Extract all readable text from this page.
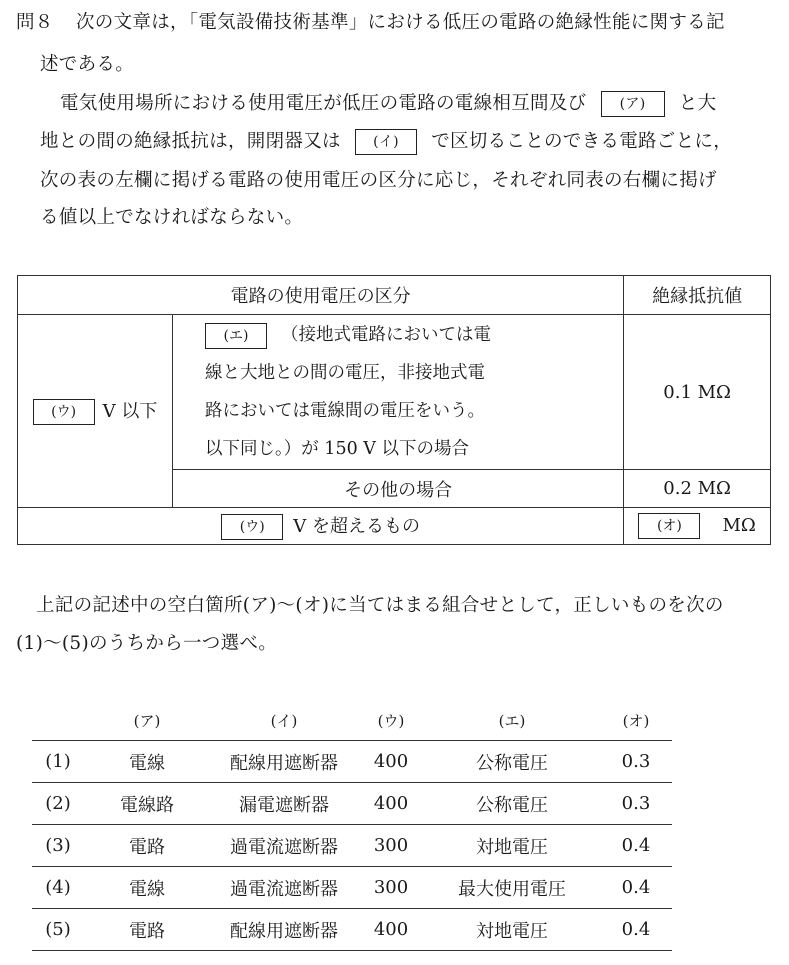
問８ 次の文章は，「電気設備技術基準」における低圧の電路の絶縁性能に関する記
述である。
電気使用場所における使用電圧が低圧の電路の電線相互間及び (ア) と大
地との間の絶縁抵抗は，開閉器又は (イ) で区切ることのできる電路ごとに，
次の表の左欄に掲げる電路の使用電圧の区分に応じ，それぞれ同表の右欄に掲げ
る値以上でなければならない。
電路の使用電圧の区分		絶縁抵抗値
(ウ) V 以下	(エ) （接地式電路においては電
線と大地との間の電圧，非接地式電
路においては電線間の電圧をいう。
以下同じ。）が 150 V 以下の場合	0.1 MΩ
	その他の場合	0.2 MΩ
(ウ) V を超えるもの		(オ) MΩ
上記の記述中の空白箇所(ア)～(オ)に当てはまる組合せとして，正しいものを次の
(1)～(5)のうちから一つ選べ。
	(ア)	(イ)	(ウ)	(エ)	(オ)
(1)	電線	配線用遮断器	400	公称電圧	0.3
(2)	電線路	漏電遮断器	400	公称電圧	0.3
(3)	電路	過電流遮断器	300	対地電圧	0.4
(4)	電線	過電流遮断器	300	最大使用電圧	0.4
(5)	電路	配線用遮断器	400	対地電圧	0.4
